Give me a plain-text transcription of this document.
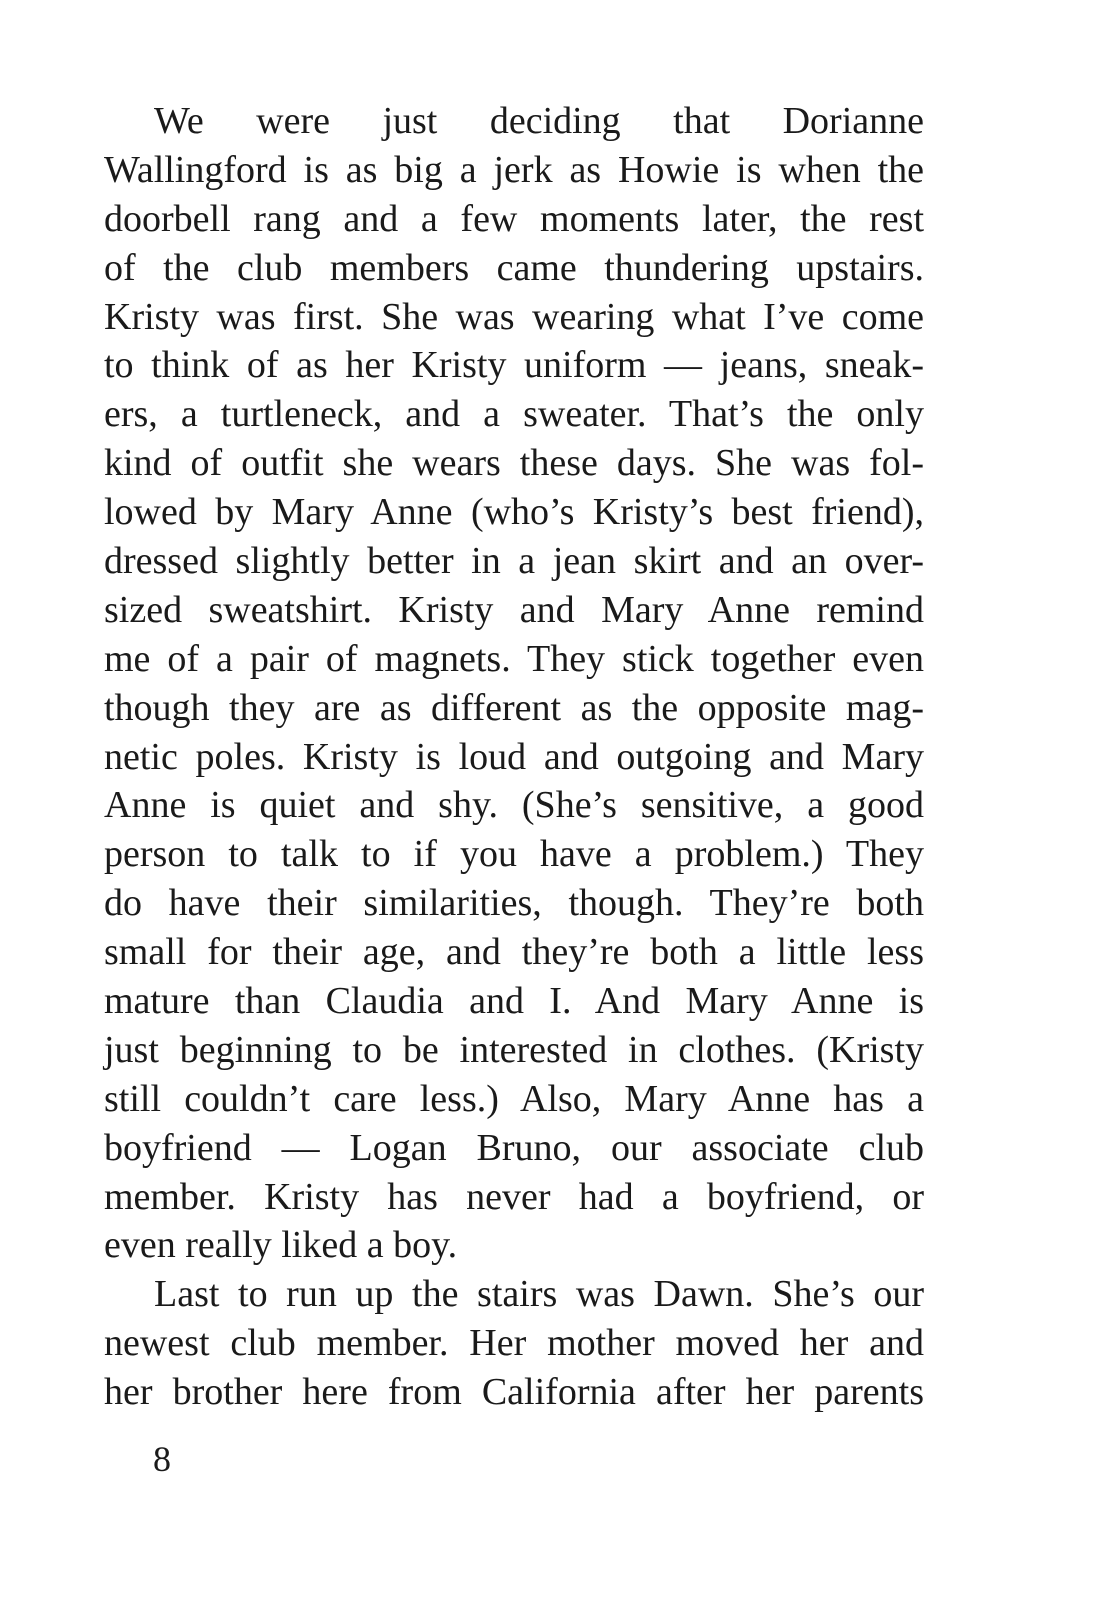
We were just deciding that Dorianne
Wallingford is as big a jerk as Howie is when the
doorbell rang and a few moments later, the rest
of the club members came thundering upstairs.
Kristy was first. She was wearing what I’ve come
to think of as her Kristy uniform — jeans, sneak-
ers, a turtleneck, and a sweater. That’s the only
kind of outfit she wears these days. She was fol-
lowed by Mary Anne (who’s Kristy’s best friend),
dressed slightly better in a jean skirt and an over-
sized sweatshirt. Kristy and Mary Anne remind
me of a pair of magnets. They stick together even
though they are as different as the opposite mag-
netic poles. Kristy is loud and outgoing and Mary
Anne is quiet and shy. (She’s sensitive, a good
person to talk to if you have a problem.) They
do have their similarities, though. They’re both
small for their age, and they’re both a little less
mature than Claudia and I. And Mary Anne is
just beginning to be interested in clothes. (Kristy
still couldn’t care less.) Also, Mary Anne has a
boyfriend — Logan Bruno, our associate club
member. Kristy has never had a boyfriend, or
even really liked a boy.
Last to run up the stairs was Dawn. She’s our
newest club member. Her mother moved her and
her brother here from California after her parents
8
